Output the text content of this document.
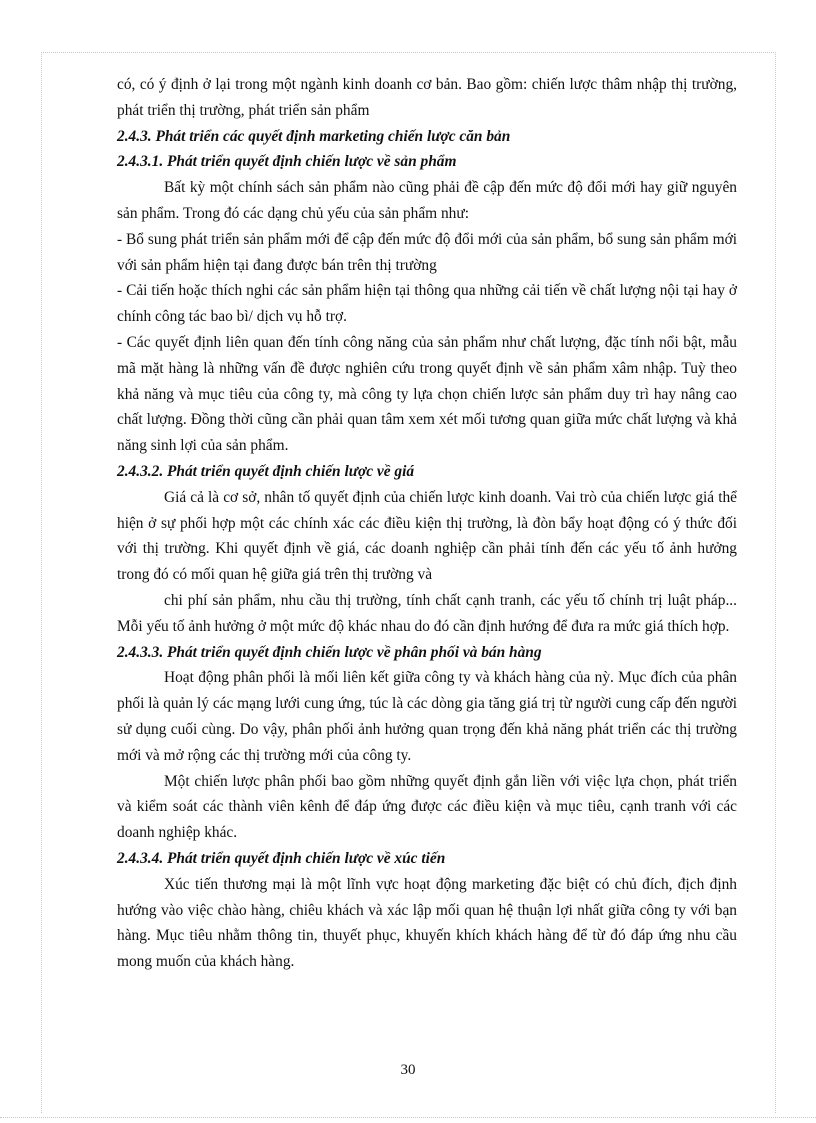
có, có ý định ở lại trong một ngành kinh doanh cơ bản. Bao gồm: chiến lược thâm nhập thị trường, phát triển thị trường, phát triển sản phẩm

2.4.3. Phát triển các quyết định marketing chiến lược căn bản
2.4.3.1. Phát triển quyết định chiến lược về sản phẩm

Bất kỳ một chính sách sản phẩm nào cũng phải đề cập đến mức độ đổi mới hay giữ nguyên sản phẩm. Trong đó các dạng chủ yếu của sản phẩm như:

- Bổ sung phát triển sản phẩm mới để cập đến mức độ đổi mới của sản phẩm, bổ sung sản phẩm mới với sản phẩm hiện tại đang được bán trên thị trường

- Cải tiến hoặc thích nghi các sản phẩm hiện tại thông qua những cải tiến về chất lượng nội tại hay ở chính công tác bao bì/ dịch vụ hỗ trợ.

- Các quyết định liên quan đến tính công năng của sản phẩm như chất lượng, đặc tính nổi bật, mẫu mã mặt hàng là những vấn đề được nghiên cứu trong quyết định về sản phẩm xâm nhập. Tuỳ theo khả năng và mục tiêu của công ty, mà công ty lựa chọn chiến lược sản phẩm duy trì hay nâng cao chất lượng. Đồng thời cũng cần phải quan tâm xem xét mối tương quan giữa mức chất lượng và khả năng sinh lợi của sản phẩm.

2.4.3.2. Phát triển quyết định chiến lược về giá

Giá cả là cơ sở, nhân tố quyết định của chiến lược kinh doanh. Vai trò của chiến lược giá thể hiện ở sự phối hợp một các chính xác các điều kiện thị trường, là đòn bẩy hoạt động có ý thức đối với thị trường. Khi quyết định về giá, các doanh nghiệp cần phải tính đến các yếu tố ảnh hưởng trong đó có mối quan hệ giữa giá trên thị trường và

chi phí sản phẩm, nhu cầu thị trường, tính chất cạnh tranh, các yếu tố chính trị luật pháp... Mỗi yếu tố ảnh hưởng ở một mức độ khác nhau do đó cần định hướng để đưa ra mức giá thích hợp.

2.4.3.3. Phát triển quyết định chiến lược về phân phối và bán hàng

Hoạt động phân phối là mối liên kết giữa công ty và khách hàng của nỳ. Mục đích của phân phối là quản lý các mạng lưới cung ứng, túc là các dòng gia tăng giá trị từ người cung cấp đến người sử dụng cuối cùng. Do vậy, phân phối ảnh hưởng quan trọng đến khả năng phát triển các thị trường mới và mở rộng các thị trường mới của công ty.

Một chiến lược phân phối bao gồm những quyết định gắn liền với việc lựa chọn, phát triển và kiểm soát các thành viên kênh để đáp ứng được các điều kiện và mục tiêu, cạnh tranh với các doanh nghiệp khác.

2.4.3.4. Phát triển quyết định chiến lược về xúc tiến

Xúc tiến thương mại là một lĩnh vực hoạt động marketing đặc biệt có chủ đích, địch định hướng vào việc chào hàng, chiêu khách và xác lập mối quan hệ thuận lợi nhất giữa công ty với bạn hàng. Mục tiêu nhằm thông tin, thuyết phục, khuyến khích khách hàng để từ đó đáp ứng nhu cầu mong muốn của khách hàng.

30
